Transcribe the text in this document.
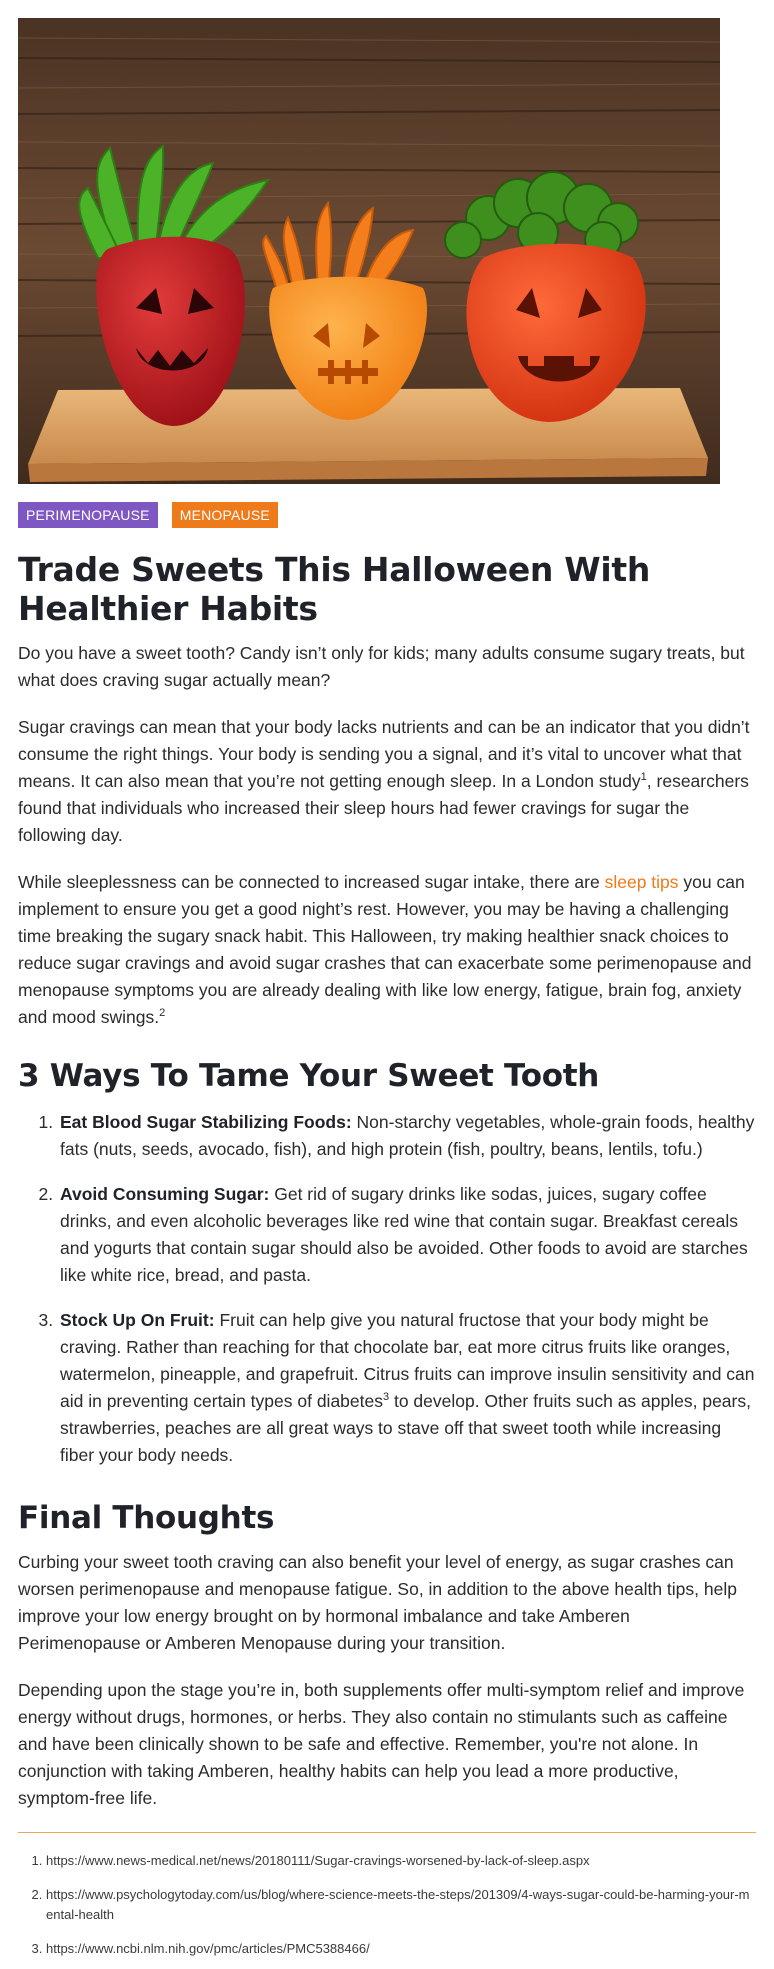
PERIMENOPAUSE	MENOPAUSE
Trade Sweets This Halloween With Healthier Habits

Do you have a sweet tooth? Candy isn’t only for kids; many adults consume sugary treats, but what does craving sugar actually mean?

Sugar cravings can mean that your body lacks nutrients and can be an indicator that you didn’t consume the right things. Your body is sending you a signal, and it’s vital to uncover what that means. It can also mean that you’re not getting enough sleep. In a London study$^1$, researchers found that individuals who increased their sleep hours had fewer cravings for sugar the following day.

While sleeplessness can be connected to increased sugar intake, there are sleep tips you can implement to ensure you get a good night’s rest. However, you may be having a challenging time breaking the sugary snack habit. This Halloween, try making healthier snack choices to reduce sugar cravings and avoid sugar crashes that can exacerbate some perimenopause and menopause symptoms you are already dealing with like low energy, fatigue, brain fog, anxiety and mood swings.$^2$

3 Ways To Tame Your Sweet Tooth
1. Eat Blood Sugar Stabilizing Foods: Non-starchy vegetables, whole-grain foods, healthy fats (nuts, seeds, avocado, fish), and high protein (fish, poultry, beans, lentils, tofu.)
2. Avoid Consuming Sugar: Get rid of sugary drinks like sodas, juices, sugary coffee drinks, and even alcoholic beverages like red wine that contain sugar. Breakfast cereals and yogurts that contain sugar should also be avoided. Other foods to avoid are starches like white rice, bread, and pasta.
3. Stock Up On Fruit: Fruit can help give you natural fructose that your body might be craving. Rather than reaching for that chocolate bar, eat more citrus fruits like oranges, watermelon, pineapple, and grapefruit. Citrus fruits can improve insulin sensitivity and can aid in preventing certain types of diabetes$^3$ to develop. Other fruits such as apples, pears, strawberries, peaches are all great ways to stave off that sweet tooth while increasing fiber your body needs.
Final Thoughts

Curbing your sweet tooth craving can also benefit your level of energy, as sugar crashes can worsen perimenopause and menopause fatigue. So, in addition to the above health tips, help improve your low energy brought on by hormonal imbalance and take Amberen Perimenopause or Amberen Menopause during your transition.

Depending upon the stage you’re in, both supplements offer multi-symptom relief and improve energy without drugs, hormones, or herbs. They also contain no stimulants such as caffeine and have been clinically shown to be safe and effective. Remember, you're not alone. In conjunction with taking Amberen, healthy habits can help you lead a more productive, symptom-free life.

1. https://www.news-medical.net/news/20180111/Sugar-cravings-worsened-by-lack-of-sleep.aspx
2. https://www.psychologytoday.com/us/blog/where-science-meets-the-steps/201309/4-ways-sugar-could-be-harming-your-mental-health
3. https://www.ncbi.nlm.nih.gov/pmc/articles/PMC5388466/
